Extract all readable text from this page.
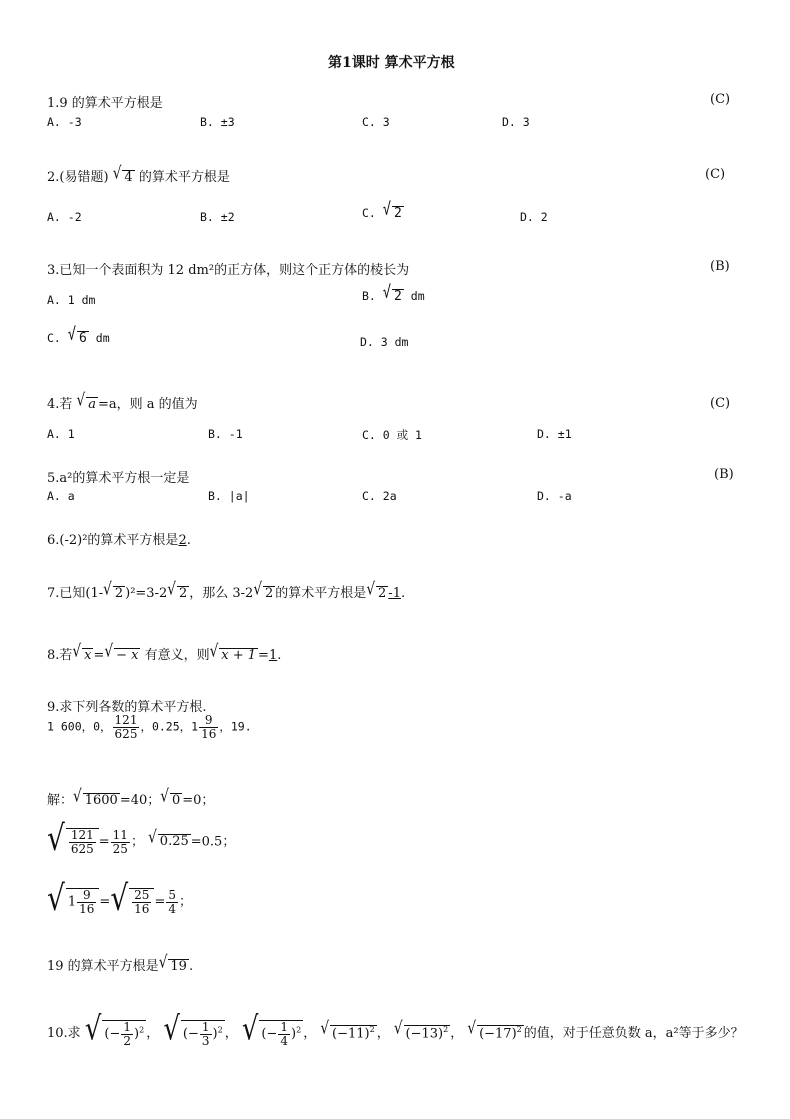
第1课时 算术平方根
1.9 的算术平方根是	(C)
A. -3	B. ±3	C. 3	D. 3
2.(易错题) √ 4 的算术平方根是	(C)
A. -2	B. ±2	C. √ 2	D. 2
3.已知一个表面积为 12 dm²的正方体，则这个正方体的棱长为	(B)
A. 1 dm	B. √ 2 dm
C. √ 6 dm	D. 3 dm
4.若 √ a =a，则 a 的值为	(C)
A. 1	B. -1	C. 0 或 1	D. ±1
5.a²的算术平方根一定是	(B)
A. a	B. |a|	C. 2a	D. -a
6.(-2)²的算术平方根是2.
7.已知(1- √ 2 )²=3-2 √ 2 ，那么 3-2 √ 2 的算术平方根是 √ 2 -1.
8.若 √ x = √ − x 有意义，则 √ x + 1 =1.
9.求下列各数的算术平方根.
1 600，0， $\frac{121}{625}$ ，0.25，$1 \frac{9}{16}$ ，19.
解： √ 1600 =40； √ 0 =0；
√ $\frac{121}{625} = \frac{11}{25}$ ； √ 0.25 =0.5；
√ $1 \frac{9}{16}$ = √ $\frac{25}{16} = \frac{5}{4}$ ；
19 的算术平方根是 √ 19 .
10.求 √ (− $\frac{1}{2} )^2$ ， √ (− $\frac{1}{3} )^2$ ， √ (− $\frac{1}{4} )^2$ ， √ $(-11)^2$ ， √ $(-13)^2$ ， √ $(-17)^2$ 的值，对于任意负数 a，a²等于多少？
